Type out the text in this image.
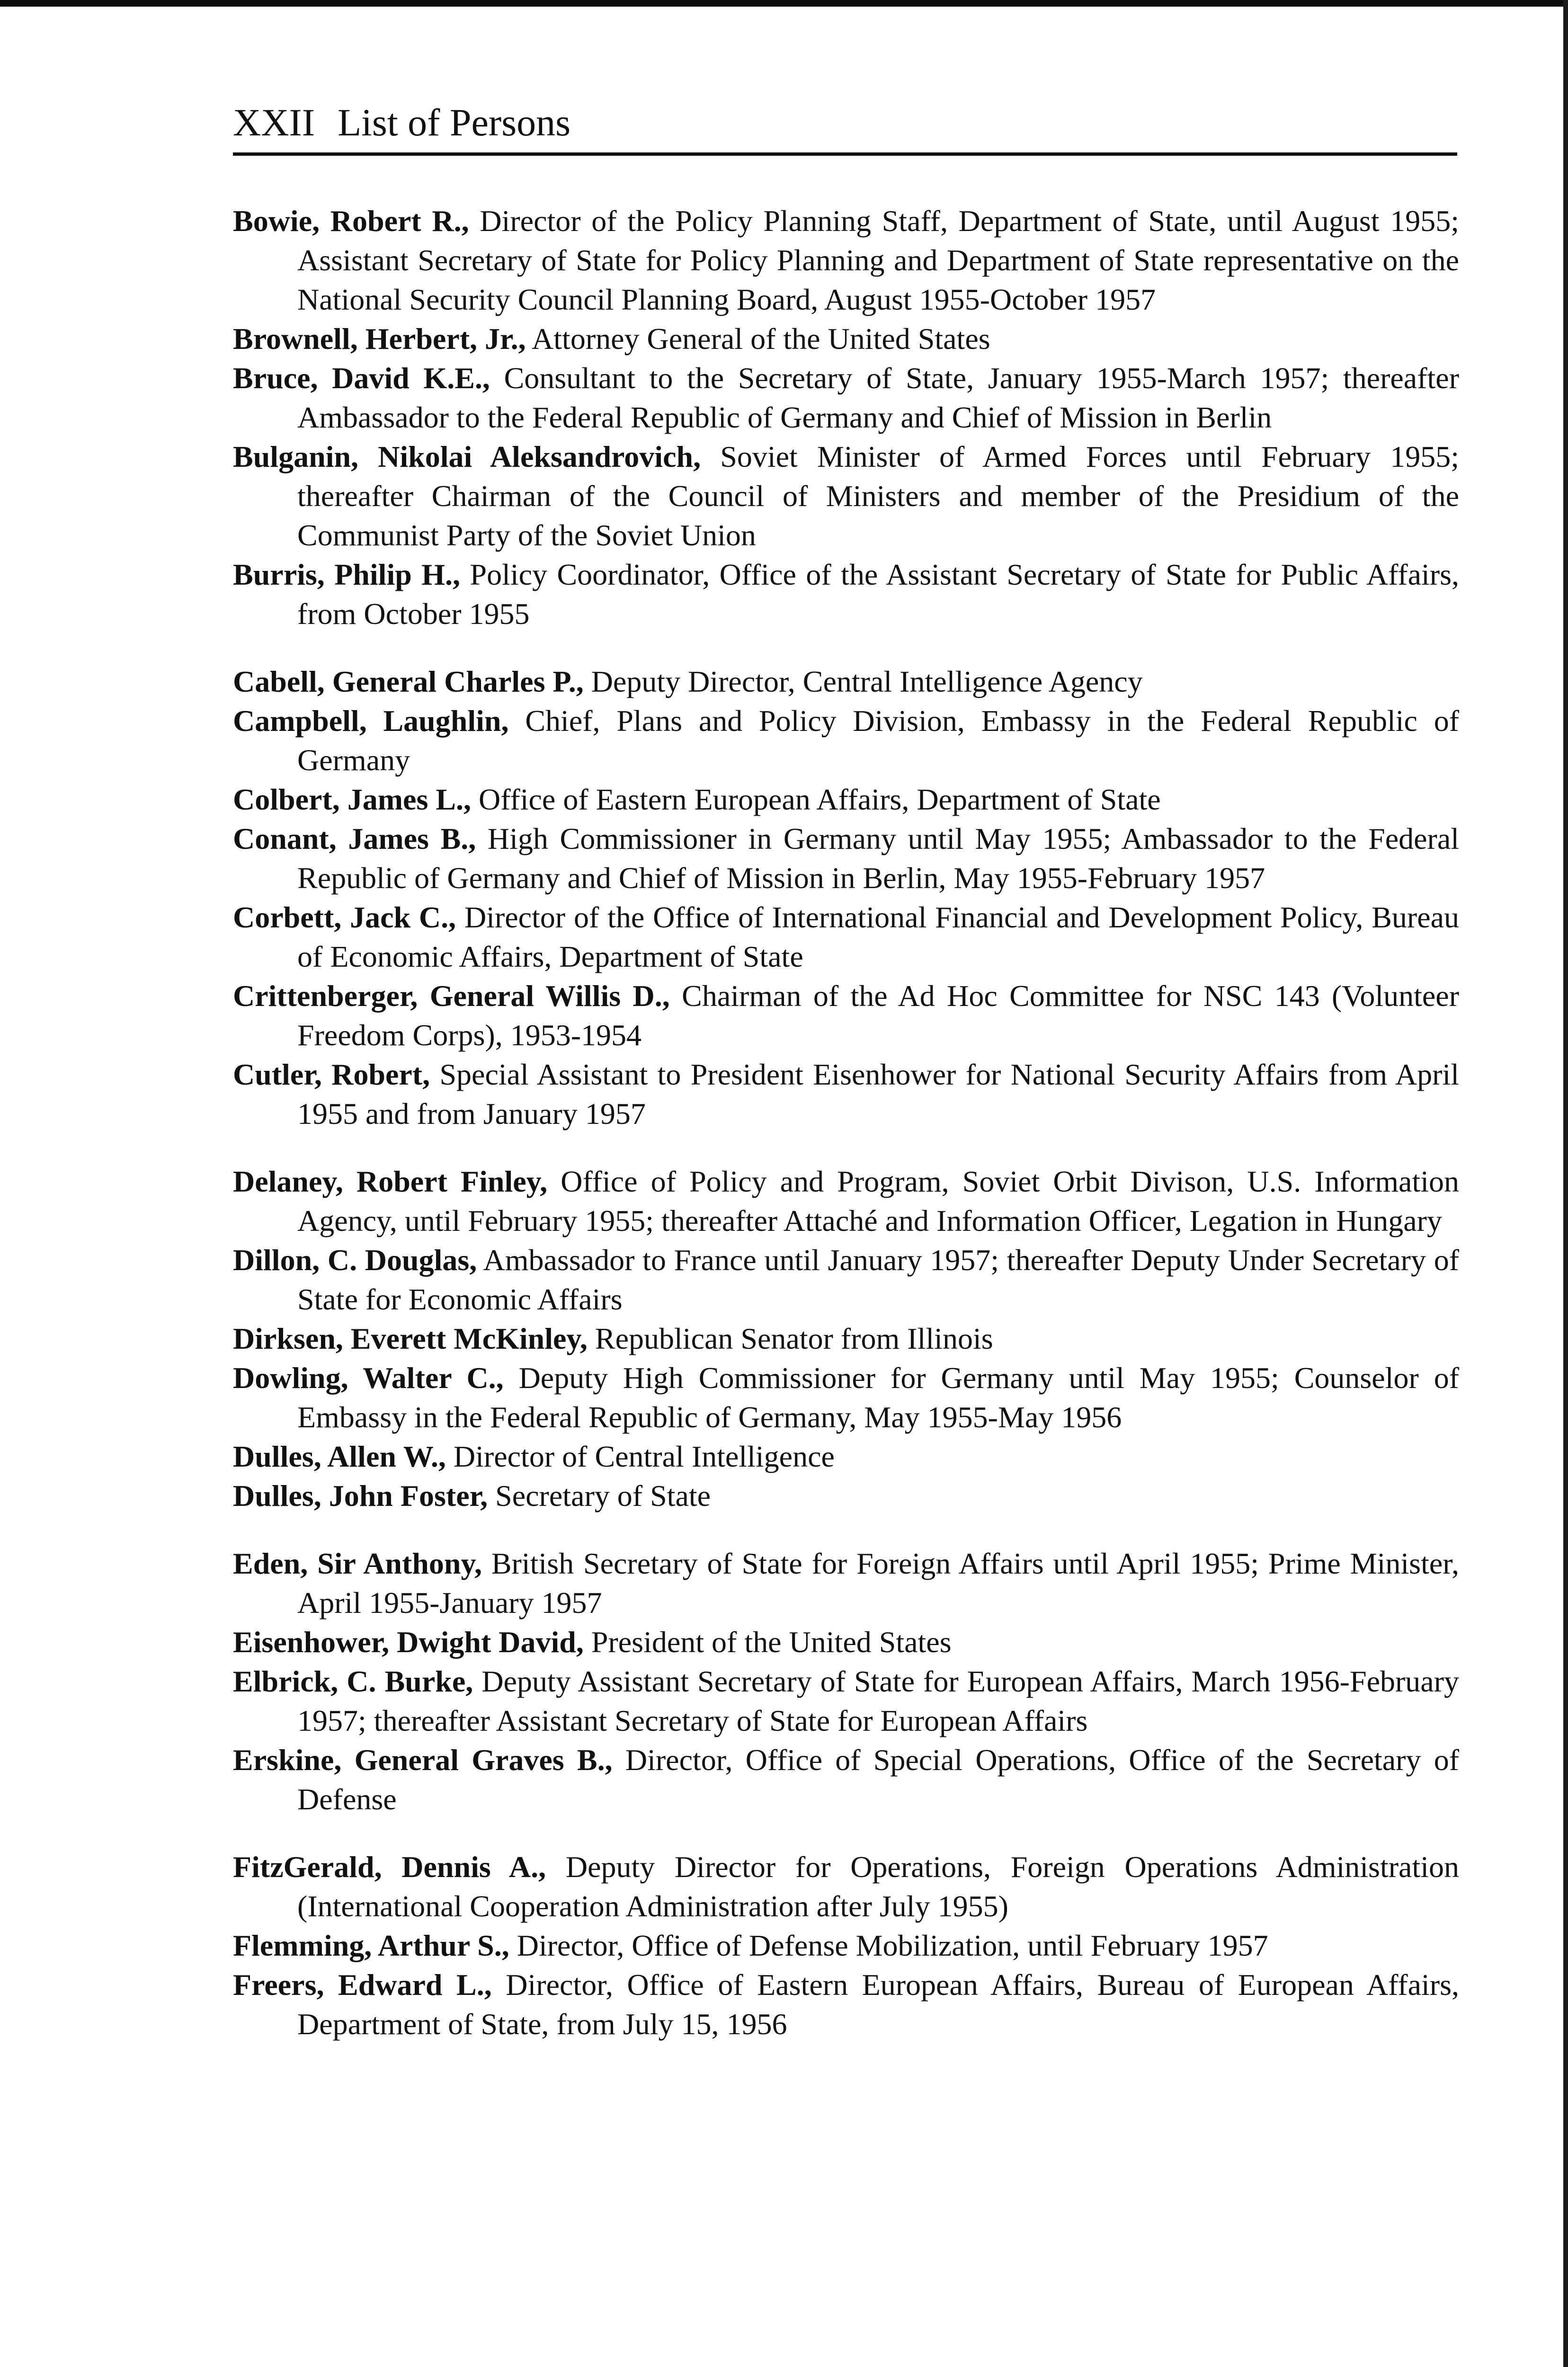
XXII List of Persons

Bowie, Robert R., Director of the Policy Planning Staff, Department of State, until August 1955; Assistant Secretary of State for Policy Planning and Department of State representative on the National Security Council Planning Board, August 1955-October 1957

Brownell, Herbert, Jr., Attorney General of the United States

Bruce, David K.E., Consultant to the Secretary of State, January 1955-March 1957; thereafter Ambassador to the Federal Republic of Germany and Chief of Mission in Berlin

Bulganin, Nikolai Aleksandrovich, Soviet Minister of Armed Forces until February 1955; thereafter Chairman of the Council of Ministers and member of the Presidium of the Communist Party of the Soviet Union

Burris, Philip H., Policy Coordinator, Office of the Assistant Secretary of State for Public Affairs, from October 1955

Cabell, General Charles P., Deputy Director, Central Intelligence Agency

Campbell, Laughlin, Chief, Plans and Policy Division, Embassy in the Federal Republic of Germany

Colbert, James L., Office of Eastern European Affairs, Department of State

Conant, James B., High Commissioner in Germany until May 1955; Ambassador to the Federal Republic of Germany and Chief of Mission in Berlin, May 1955-February 1957

Corbett, Jack C., Director of the Office of International Financial and Development Policy, Bureau of Economic Affairs, Department of State

Crittenberger, General Willis D., Chairman of the Ad Hoc Committee for NSC 143 (Volunteer Freedom Corps), 1953-1954

Cutler, Robert, Special Assistant to President Eisenhower for National Security Affairs from April 1955 and from January 1957

Delaney, Robert Finley, Office of Policy and Program, Soviet Orbit Divison, U.S. Information Agency, until February 1955; thereafter Attaché and Information Officer, Legation in Hungary

Dillon, C. Douglas, Ambassador to France until January 1957; thereafter Deputy Under Secretary of State for Economic Affairs

Dirksen, Everett McKinley, Republican Senator from Illinois

Dowling, Walter C., Deputy High Commissioner for Germany until May 1955; Counselor of Embassy in the Federal Republic of Germany, May 1955-May 1956

Dulles, Allen W., Director of Central Intelligence

Dulles, John Foster, Secretary of State

Eden, Sir Anthony, British Secretary of State for Foreign Affairs until April 1955; Prime Minister, April 1955-January 1957

Eisenhower, Dwight David, President of the United States

Elbrick, C. Burke, Deputy Assistant Secretary of State for European Affairs, March 1956-February 1957; thereafter Assistant Secretary of State for European Affairs

Erskine, General Graves B., Director, Office of Special Operations, Office of the Secretary of Defense

FitzGerald, Dennis A., Deputy Director for Operations, Foreign Operations Administration (International Cooperation Administration after July 1955)

Flemming, Arthur S., Director, Office of Defense Mobilization, until February 1957

Freers, Edward L., Director, Office of Eastern European Affairs, Bureau of European Affairs, Department of State, from July 15, 1956
